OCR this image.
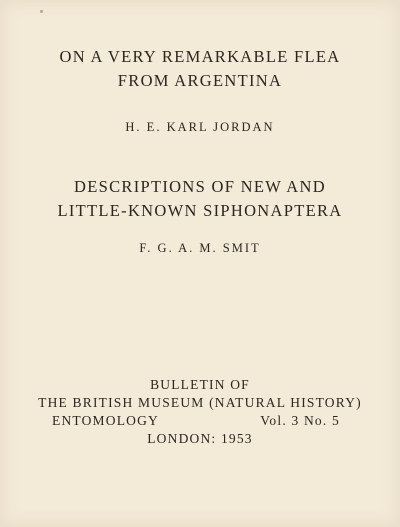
ON A VERY REMARKABLE FLEA
FROM ARGENTINA
H. E. KARL JORDAN
DESCRIPTIONS OF NEW AND
LITTLE-KNOWN SIPHONAPTERA
F. G. A. M. SMIT
BULLETIN OF
THE BRITISH MUSEUM (NATURAL HISTORY)
ENTOMOLOGY	Vol. 3 No. 5
LONDON: 1953
